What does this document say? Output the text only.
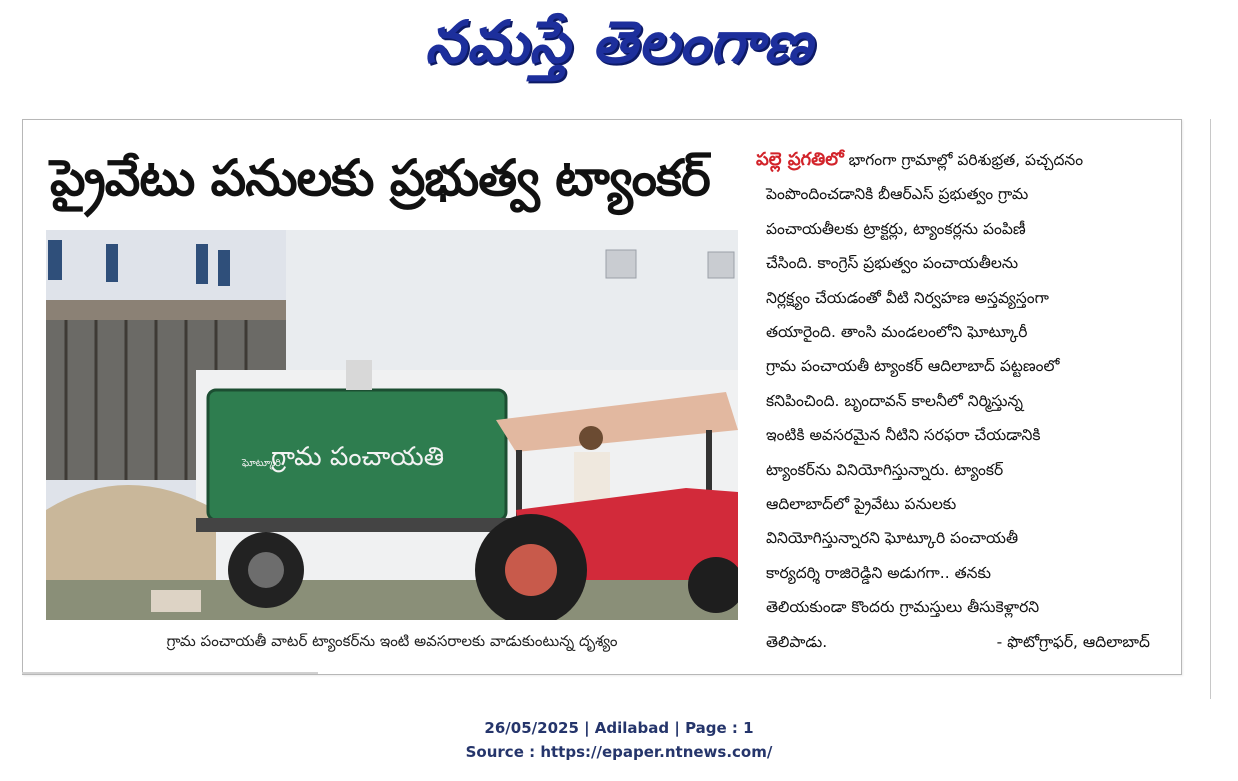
నమస్తే తెలంగాణ
ప్రైవేటు పనులకు ప్రభుత్వ ట్యాంకర్
గ్రామ పంచాయతి
ఘోట్కూరి
గ్రామ పంచాయతీ వాటర్ ట్యాంకర్‌ను ఇంటి అవసరాలకు వాడుకుంటున్న దృశ్యం
పల్లె ప్రగతిలో భాగంగా గ్రామాల్లో పరిశుభ్రత, పచ్చదనం
పెంపొందించడానికి బీఆర్ఎస్ ప్రభుత్వం గ్రామ
పంచాయతీలకు ట్రాక్టర్లు, ట్యాంకర్లను పంపిణీ
చేసింది. కాంగ్రెస్ ప్రభుత్వం పంచాయతీలను
నిర్లక్ష్యం చేయడంతో వీటి నిర్వహణ అస్తవ్యస్తంగా
తయారైంది. తాంసి మండలంలోని ఘోట్కూరీ
గ్రామ పంచాయతీ ట్యాంకర్ ఆదిలాబాద్ పట్టణంలో
కనిపించింది. బృందావన్ కాలనీలో నిర్మిస్తున్న
ఇంటికి అవసరమైన నీటిని సరఫరా చేయడానికి
ట్యాంకర్‌ను వినియోగిస్తున్నారు. ట్యాంకర్
ఆదిలాబాద్‌లో ప్రైవేటు పనులకు
వినియోగిస్తున్నారని ఘోట్కూరి పంచాయతీ
కార్యదర్శి రాజిరెడ్డిని అడుగగా.. తనకు
తెలియకుండా కొందరు గ్రామస్తులు తీసుకెళ్లారని
తెలిపాడు.	- ఫొటోగ్రాఫర్, ఆదిలాబాద్
26/05/2025 | Adilabad | Page : 1
Source : https://epaper.ntnews.com/
